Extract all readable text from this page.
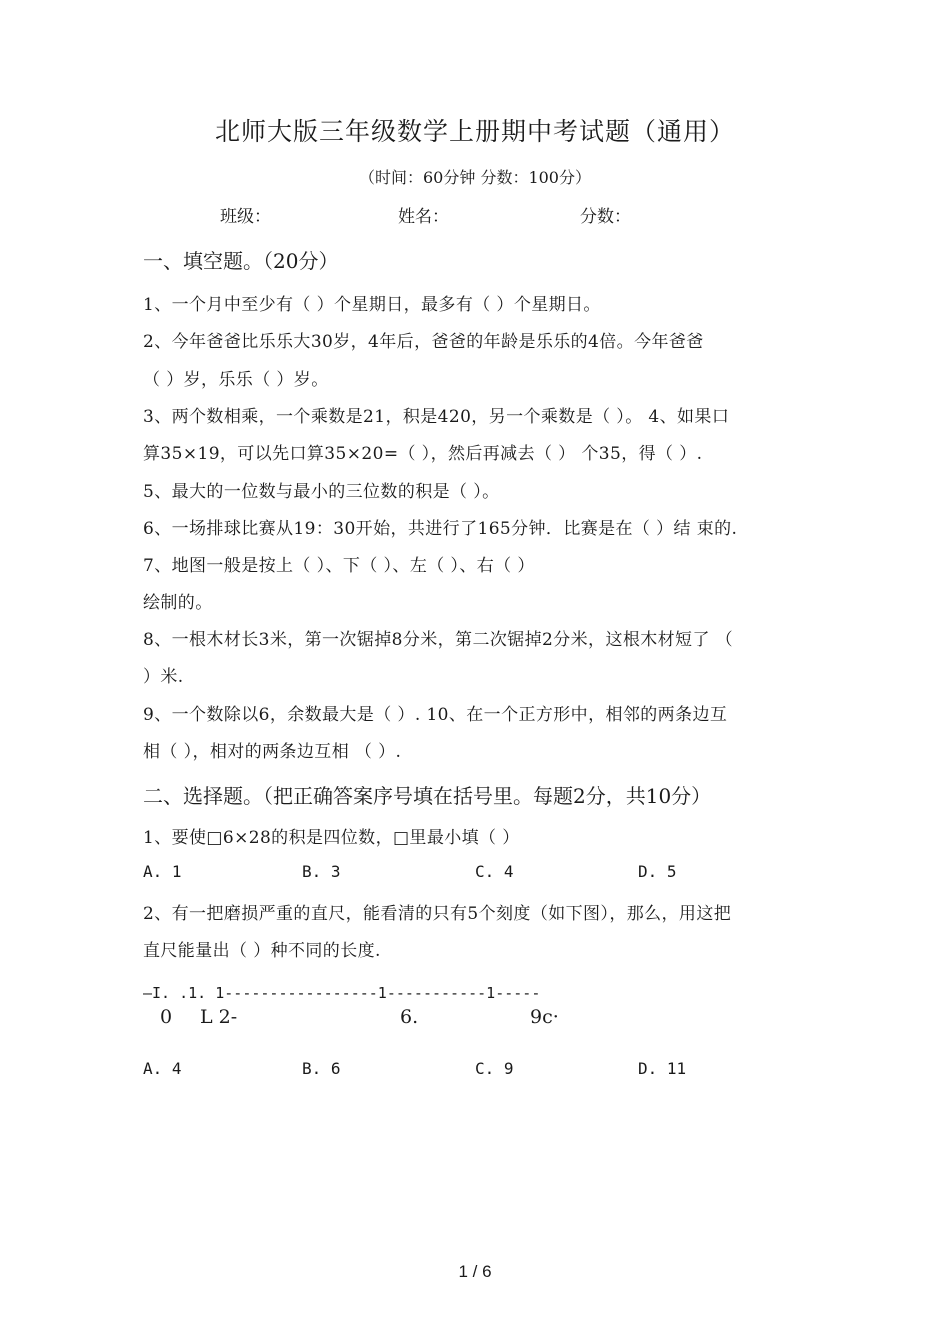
北师大版三年级数学上册期中考试题（通用）
（时间：60分钟 分数：100分）
班级：	姓名：	分数：
一、填空题。（20分）
1、一个月中至少有（ ）个星期日，最多有（ ）个星期日。
2、今年爸爸比乐乐大30岁，4年后，爸爸的年龄是乐乐的4倍。今年爸爸
（ ）岁，乐乐（ ）岁。
3、两个数相乘，一个乘数是21，积是420，另一个乘数是（ ）。 4、如果口
算35×19，可以先口算35×20=（ ），然后再减去（ ） 个35，得（ ）.
5、最大的一位数与最小的三位数的积是（ ）。
6、一场排球比赛从19：30开始，共进行了165分钟．比赛是在（ ）结 束的.
7、地图一般是按上（ ）、下（ ）、左（ ）、右（ ）
绘制的。
8、一根木材长3米，第一次锯掉8分米，第二次锯掉2分米，这根木材短了 （
）米.
9、一个数除以6，余数最大是（ ）. 10、在一个正方形中，相邻的两条边互
相（ ），相对的两条边互相 （ ）.
二、选择题。（把正确答案序号填在括号里。每题2分，共10分）
1、要使□6×28的积是四位数，□里最小填（ ）
A. 1	B. 3	C. 4	D. 5
2、有一把磨损严重的直尺，能看清的只有5个刻度（如下图），那么，用这把
直尺能量出（ ）种不同的长度.
—I. .1. 1-----------------1-----------1-----
0 L 2-	6.	9c·
A. 4	B. 6	C. 9	D. 11
1 / 6
